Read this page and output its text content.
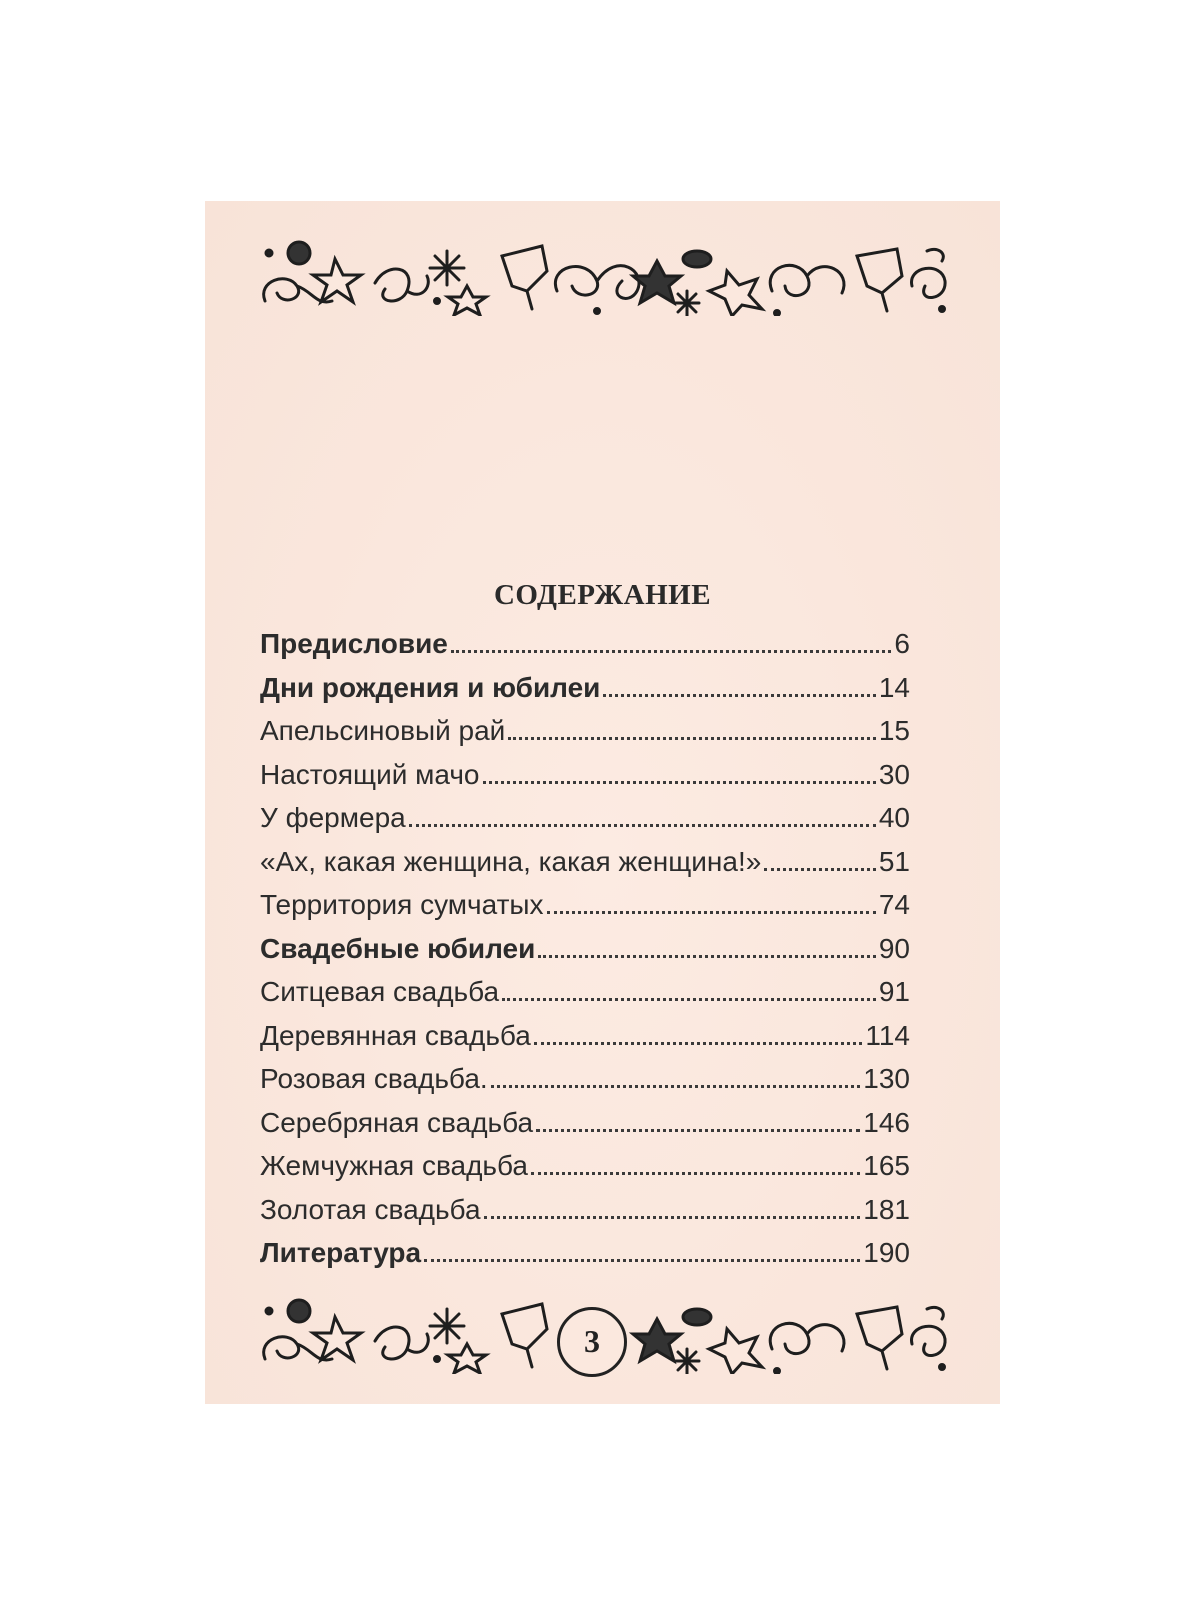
СОДЕРЖАНИЕ
Предисловие	6
Дни рождения и юбилеи	14
Апельсиновый рай	15
Настоящий мачо	30
У фермера	40
«Ах, какая женщина, какая женщина!»	51
Территория сумчатых	74
Свадебные юбилеи	90
Ситцевая свадьба	91
Деревянная свадьба	114
Розовая свадьба.	130
Серебряная свадьба	146
Жемчужная свадьба	165
Золотая свадьба	181
Литература	190
3
